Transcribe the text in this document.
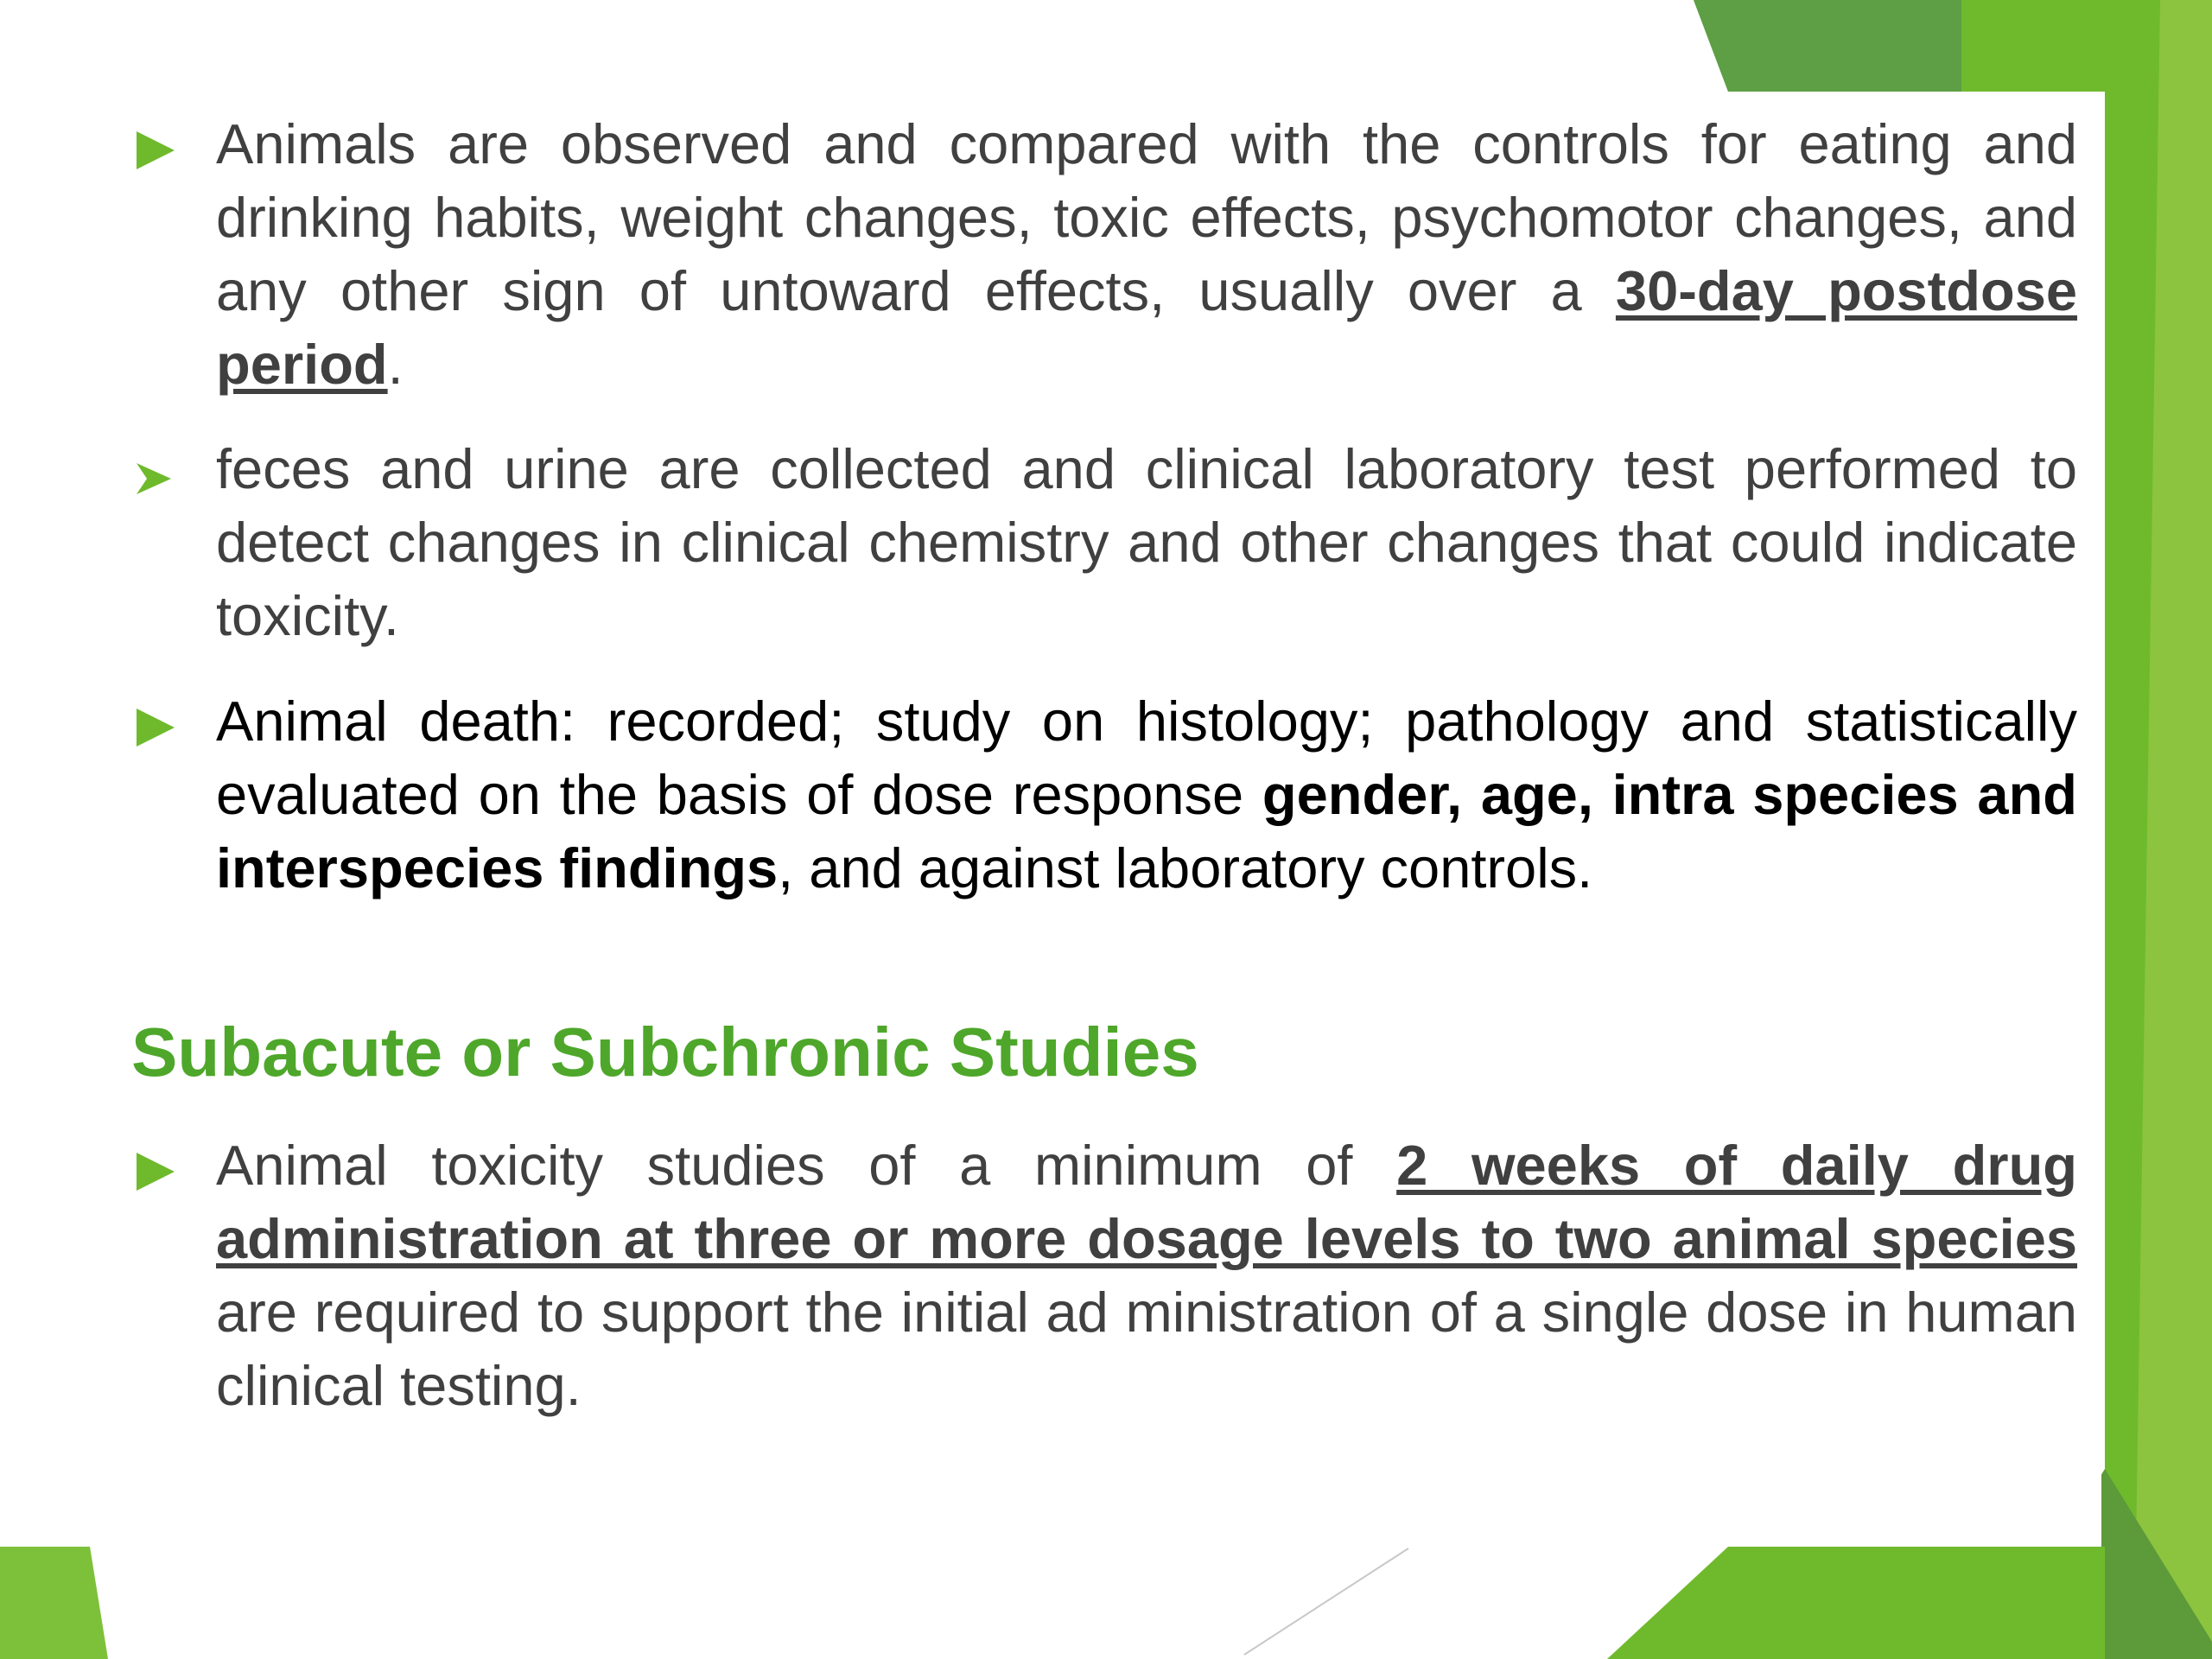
Animals are observed and compared with the controls for eating and drinking habits, weight changes, toxic effects, psychomotor changes, and any other sign of untoward effects, usually over a 30-day postdose period.
feces and urine are collected and clinical laboratory test performed to detect changes in clinical chemistry and other changes that could indicate toxicity.
Animal death: recorded; study on histology; pathology and statistically evaluated on the basis of dose response gender, age, intra species and interspecies findings, and against laboratory controls.
Subacute or Subchronic Studies
Animal toxicity studies of a minimum of 2 weeks of daily drug administration at three or more dosage levels to two animal species are required to support the initial ad ministration of a single dose in human clinical testing.
